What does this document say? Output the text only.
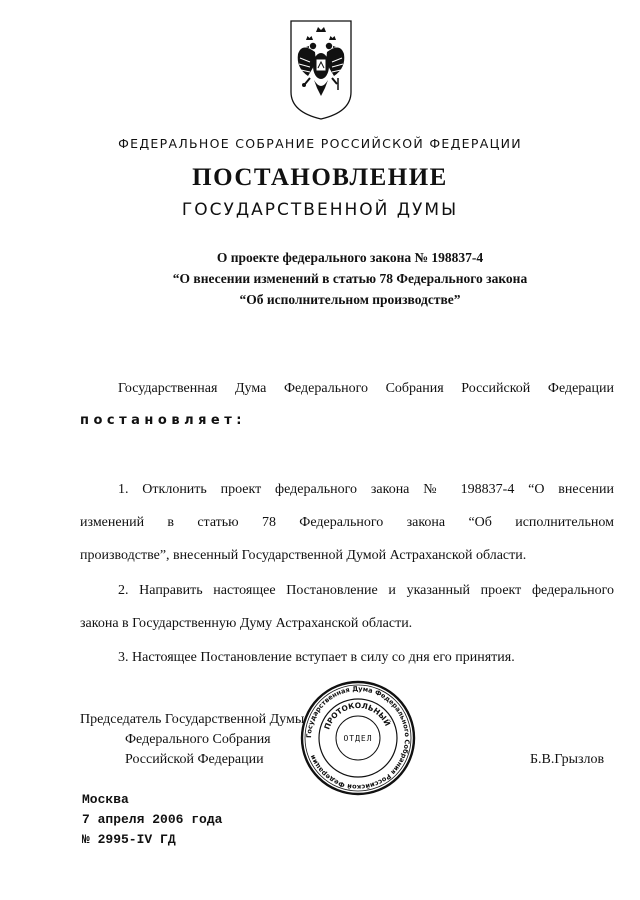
ФЕДЕРАЛЬНОЕ СОБРАНИЕ РОССИЙСКОЙ ФЕДЕРАЦИИ
ПОСТАНОВЛЕНИЕ
ГОСУДАРСТВЕННОЙ ДУМЫ
О проекте федерального закона № 198837-4
“О внесении изменений в статью 78 Федерального закона
“Об исполнительном производстве”
Государственная Дума Федерального Собрания Российской Федерации
постановляет:
1. Отклонить проект федерального закона № 198837-4 “О внесении
изменений в статью 78 Федерального закона “Об исполнительном
производстве”, внесенный Государственной Думой Астраханской области.
2. Направить настоящее Постановление и указанный проект федерального
закона в Государственную Думу Астраханской области.
3. Настоящее Постановление вступает в силу со дня его принятия.
Председатель Государственной Думы
Федерального Собрания
Российской Федерации	Б.В.Грызлов
Государственная Дума Федерального Собрания Российской Федерации
ПРОТОКОЛЬНЫЙ
ОТДЕЛ
Москва
7 апреля 2006 года
№ 2995-IV ГД
